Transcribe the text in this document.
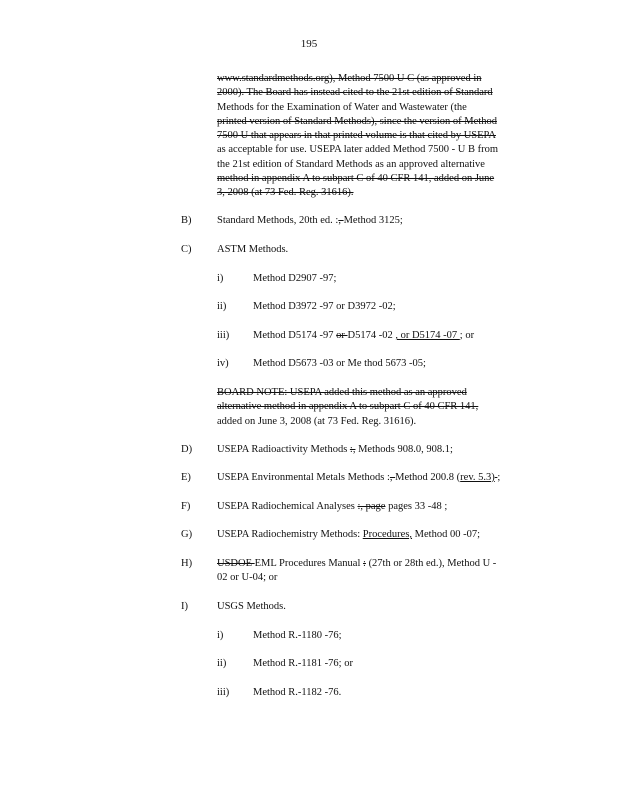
195
www.standardmethods.org), Method 7500 U C (as approved in
2000). The Board has instead cited to the 21st edition of Standard
Methods for the Examination of Water and Wastewater (the
printed version of Standard Methods), since the version of Method
7500 U that appears in that printed volume is that cited by USEPA
as acceptable for use. USEPA later added Method 7500 - U B from
the 21st edition of Standard Methods as an approved alternative
method in appendix A to subpart C of 40 CFR 141, added on June
3, 2008 (at 73 Fed. Reg. 31616).
B) Standard Methods, 20th ed. :, Method 3125;
C) ASTM Methods.
D) USEPA Radioactivity Methods :, Methods 908.0, 908.1;
E) USEPA Environmental Metals Methods :, Method 200.8 (rev. 5.3) ;
F)	USEPA Radiochemical Analyses :, page pages 33 -48 ;
G) USEPA Radiochemistry Methods: Procedures, Method 00 -07;
H) USDOE EML Procedures Manual : (27th or 28th ed.), Method U -
I)	USGS Methods.
i)	Method D2907 -97;
ii)	Method D3972 -97 or D3972 -02;
iii) Method D5174 -97 or D5174 -02 , or D5174 -07 ; or
iv) Method D5673 -03 or Me thod 5673 -05;
BOARD NOTE: USEPA added this method as an approved
alternative method in appendix A to subpart C of 40 CFR 141,
added on June 3, 2008 (at 73 Fed. Reg. 31616).
i)	Method R.-1180 -76;
ii)	Method R.-1181 -76; or
iii) Method R.-1182 -76.
02 or U-04; or
